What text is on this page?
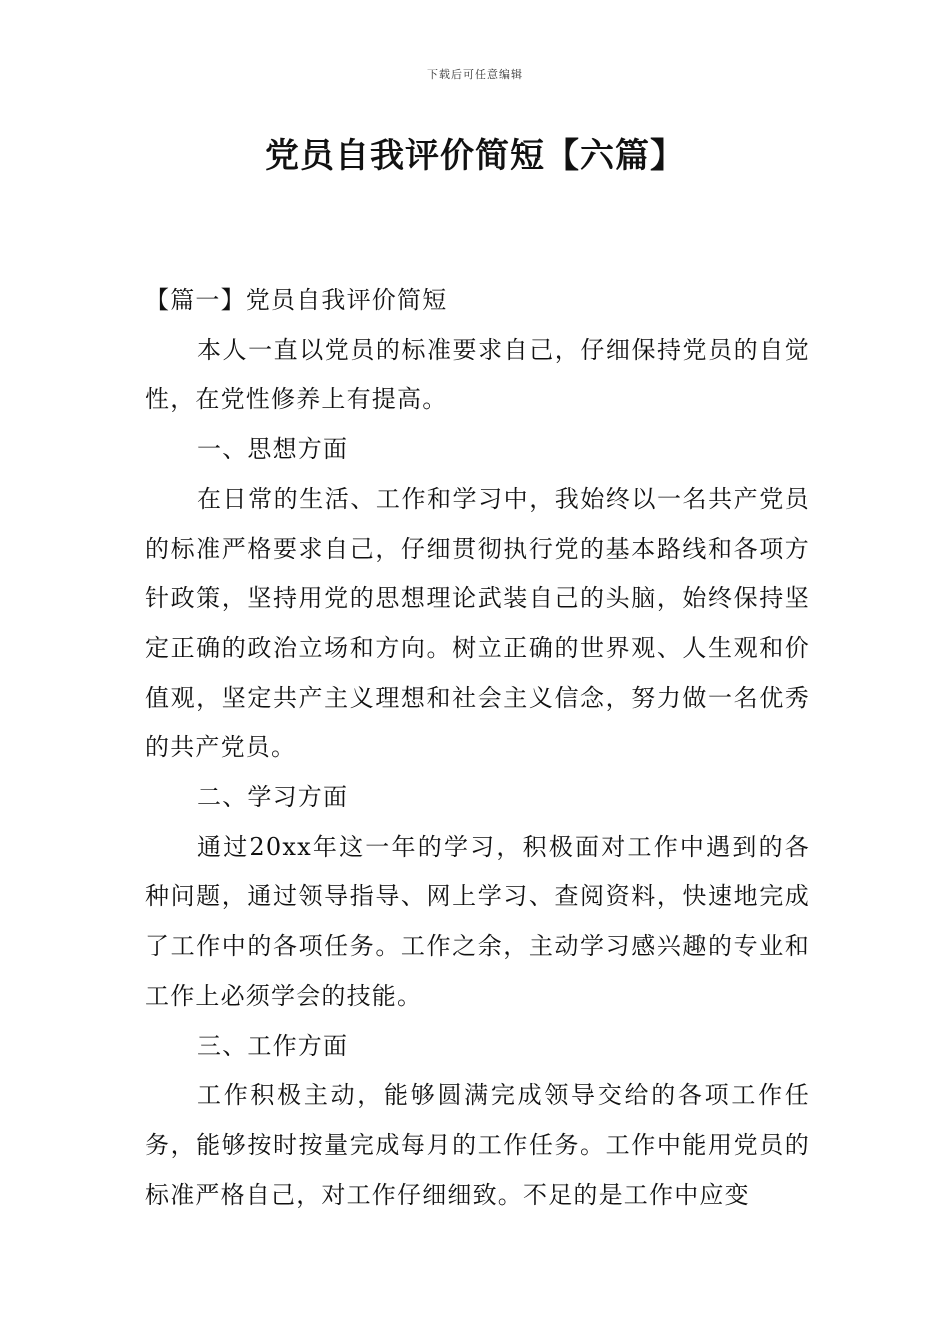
下载后可任意编辑
党员自我评价简短【六篇】

【篇一】党员自我评价简短

本人一直以党员的标准要求自己，仔细保持党员的自觉性，在党性修养上有提高。

一、思想方面

在日常的生活、工作和学习中，我始终以一名共产党员的标准严格要求自己，仔细贯彻执行党的基本路线和各项方针政策，坚持用党的思想理论武装自己的头脑，始终保持坚定正确的政治立场和方向。树立正确的世界观、人生观和价值观，坚定共产主义理想和社会主义信念，努力做一名优秀的共产党员。

二、学习方面

通过20xx年这一年的学习，积极面对工作中遇到的各种问题，通过领导指导、网上学习、查阅资料，快速地完成了工作中的各项任务。工作之余，主动学习感兴趣的专业和工作上必须学会的技能。

三、工作方面

工作积极主动，能够圆满完成领导交给的各项工作任务，能够按时按量完成每月的工作任务。工作中能用党员的标准严格自己，对工作仔细细致。不足的是工作中应变
